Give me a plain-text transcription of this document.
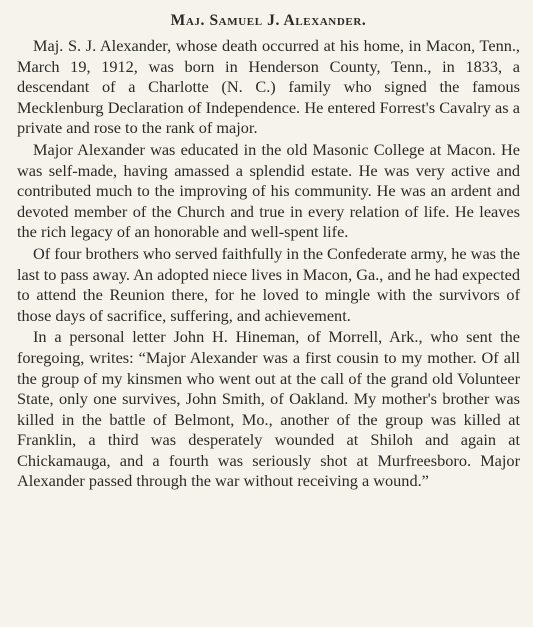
Maj. Samuel J. Alexander.

Maj. S. J. Alexander, whose death occurred at his home, in Macon, Tenn., March 19, 1912, was born in Henderson County, Tenn., in 1833, a descendant of a Charlotte (N. C.) family who signed the famous Mecklenburg Declaration of Independence. He entered Forrest's Cavalry as a private and rose to the rank of major.

Major Alexander was educated in the old Masonic College at Macon. He was self-made, having amassed a splendid estate. He was very active and contributed much to the improving of his community. He was an ardent and devoted member of the Church and true in every relation of life. He leaves the rich legacy of an honorable and well-spent life.

Of four brothers who served faithfully in the Confederate army, he was the last to pass away. An adopted niece lives in Macon, Ga., and he had expected to attend the Reunion there, for he loved to mingle with the survivors of those days of sacrifice, suffering, and achievement.

In a personal letter John H. Hineman, of Morrell, Ark., who sent the foregoing, writes: “Major Alexander was a first cousin to my mother. Of all the group of my kinsmen who went out at the call of the grand old Volunteer State, only one survives, John Smith, of Oakland. My mother's brother was killed in the battle of Belmont, Mo., another of the group was killed at Franklin, a third was desperately wounded at Shiloh and again at Chickamauga, and a fourth was seriously shot at Murfreesboro. Major Alexander passed through the war without receiving a wound.”
